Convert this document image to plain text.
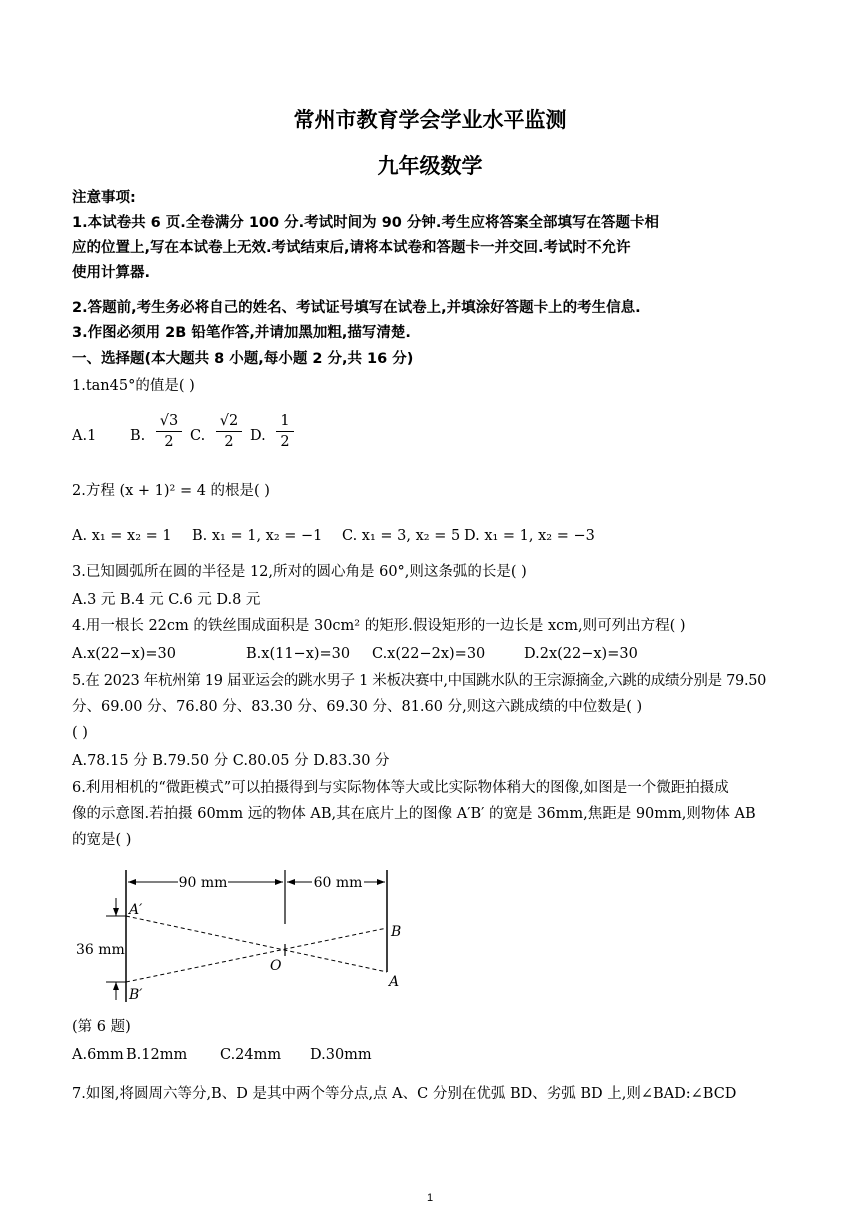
常州市教育学会学业水平监测
九年级数学
注意事项:
1.本试卷共 6 页.全卷满分 100 分.考试时间为 90 分钟.考生应将答案全部填写在答题卡相
应的位置上,写在本试卷上无效.考试结束后,请将本试卷和答题卡一并交回.考试时不允许
使用计算器.
2.答题前,考生务必将自己的姓名、考试证号填写在试卷上,并填涂好答题卡上的考生信息.
3.作图必须用 2B 铅笔作答,并请加黑加粗,描写清楚.
一、选择题(本大题共 8 小题,每小题 2 分,共 16 分)
1.tan45°的值是( )
A.1 B.
√3
2	C.
√2
2	D.
1
2
2.方程 (x + 1)² = 4 的根是( )
A. x₁ = x₂ = 1 B. x₁ = 1, x₂ = −1 C. x₁ = 3, x₂ = 5 D. x₁ = 1, x₂ = −3
3.已知圆弧所在圆的半径是 12,所对的圆心角是 60°,则这条弧的长是( )
A.3 元 B.4 元 C.6 元 D.8 元
4.用一根长 22cm 的铁丝围成面积是 30cm² 的矩形.假设矩形的一边长是 xcm,则可列出方程( )
A.x(22−x)=30	B.x(11−x)=30 C.x(22−2x)=30	D.2x(22−x)=30
5.在 2023 年杭州第 19 届亚运会的跳水男子 1 米板决赛中,中国跳水队的王宗源摘金,六跳的成绩分别是 79.50
分、69.00 分、76.80 分、83.30 分、69.30 分、81.60 分,则这六跳成绩的中位数是( )
( )
A.78.15 分 B.79.50 分 C.80.05 分 D.83.30 分
6.利用相机的“微距模式”可以拍摄得到与实际物体等大或比实际物体稍大的图像,如图是一个微距拍摄成
像的示意图.若拍摄 60mm 远的物体 AB,其在底片上的图像 A′B′ 的宽是 36mm,焦距是 90mm,则物体 AB
的宽是( )
90 mm	60 mm
36 mm
A′
B′
O
B
A
(第 6 题)
A.6mm B.12mm C.24mm D.30mm
7.如图,将圆周六等分,B、D 是其中两个等分点,点 A、C 分别在优弧 BD、劣弧 BD 上,则∠BAD:∠BCD
1
